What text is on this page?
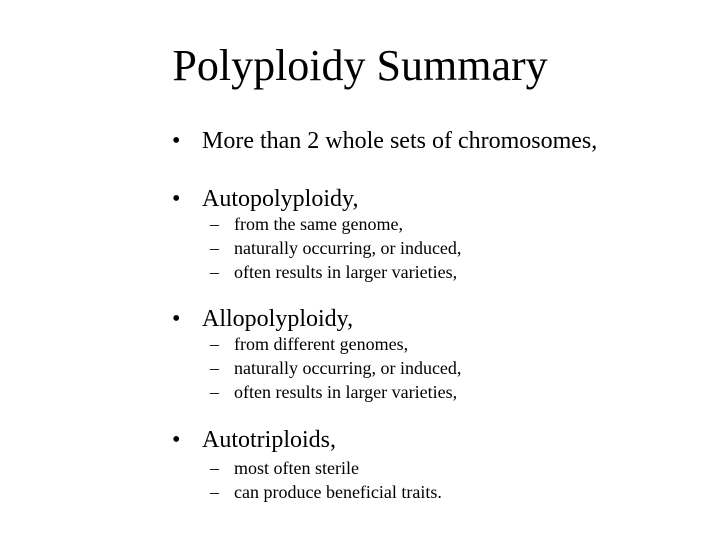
Polyploidy Summary
• More than 2 whole sets of chromosomes,
• Autopolyploidy,
– from the same genome,
– naturally occurring, or induced,
– often results in larger varieties,
• Allopolyploidy,
– from different genomes,
– naturally occurring, or induced,
– often results in larger varieties,
• Autotriploids,
– most often sterile
– can produce beneficial traits.
